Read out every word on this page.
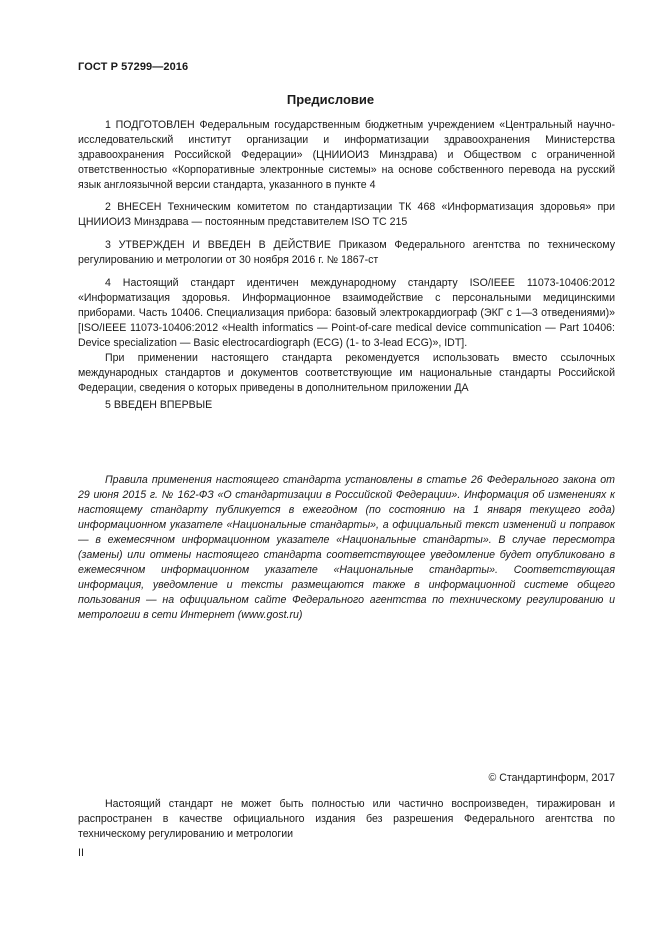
ГОСТ Р 57299—2016
Предисловие

1 ПОДГОТОВЛЕН Федеральным государственным бюджетным учреждением «Центральный научно-исследовательский институт организации и информатизации здравоохранения Министерства здравоохранения Российской Федерации» (ЦНИИОИЗ Минздрава) и Обществом с ограниченной ответственностью «Корпоративные электронные системы» на основе собственного перевода на русский язык англоязычной версии стандарта, указанного в пункте 4

2 ВНЕСЕН Техническим комитетом по стандартизации ТК 468 «Информатизация здоровья» при ЦНИИОИЗ Минздрава — постоянным представителем ISO ТС 215

3 УТВЕРЖДЕН И ВВЕДЕН В ДЕЙСТВИЕ Приказом Федерального агентства по техническому регулированию и метрологии от 30 ноября 2016 г. № 1867-ст

4 Настоящий стандарт идентичен международному стандарту ISO/IEEE 11073-10406:2012 «Информатизация здоровья. Информационное взаимодействие с персональными медицинскими приборами. Часть 10406. Специализация прибора: базовый электрокардиограф (ЭКГ с 1—3 отведениями)» [ISO/IEEE 11073-10406:2012 «Health informatics — Point-of-care medical device communication — Part 10406: Device specialization — Basic electrocardiograph (ECG) (1- to 3-lead ECG)», IDT].

При применении настоящего стандарта рекомендуется использовать вместо ссылочных международных стандартов и документов соответствующие им национальные стандарты Российской Федерации, сведения о которых приведены в дополнительном приложении ДА

5 ВВЕДЕН ВПЕРВЫЕ

Правила применения настоящего стандарта установлены в статье 26 Федерального закона от 29 июня 2015 г. № 162-ФЗ «О стандартизации в Российской Федерации». Информация об изменениях к настоящему стандарту публикуется в ежегодном (по состоянию на 1 января текущего года) информационном указателе «Национальные стандарты», а официальный текст изменений и поправок — в ежемесячном информационном указателе «Национальные стандарты». В случае пересмотра (замены) или отмены настоящего стандарта соответствующее уведомление будет опубликовано в ежемесячном информационном указателе «Национальные стандарты». Соответствующая информация, уведомление и тексты размещаются также в информационной системе общего пользования — на официальном сайте Федерального агентства по техническому регулированию и метрологии в сети Интернет (www.gost.ru)

© Стандартинформ, 2017

Настоящий стандарт не может быть полностью или частично воспроизведен, тиражирован и распространен в качестве официального издания без разрешения Федерального агентства по техническому регулированию и метрологии

II
